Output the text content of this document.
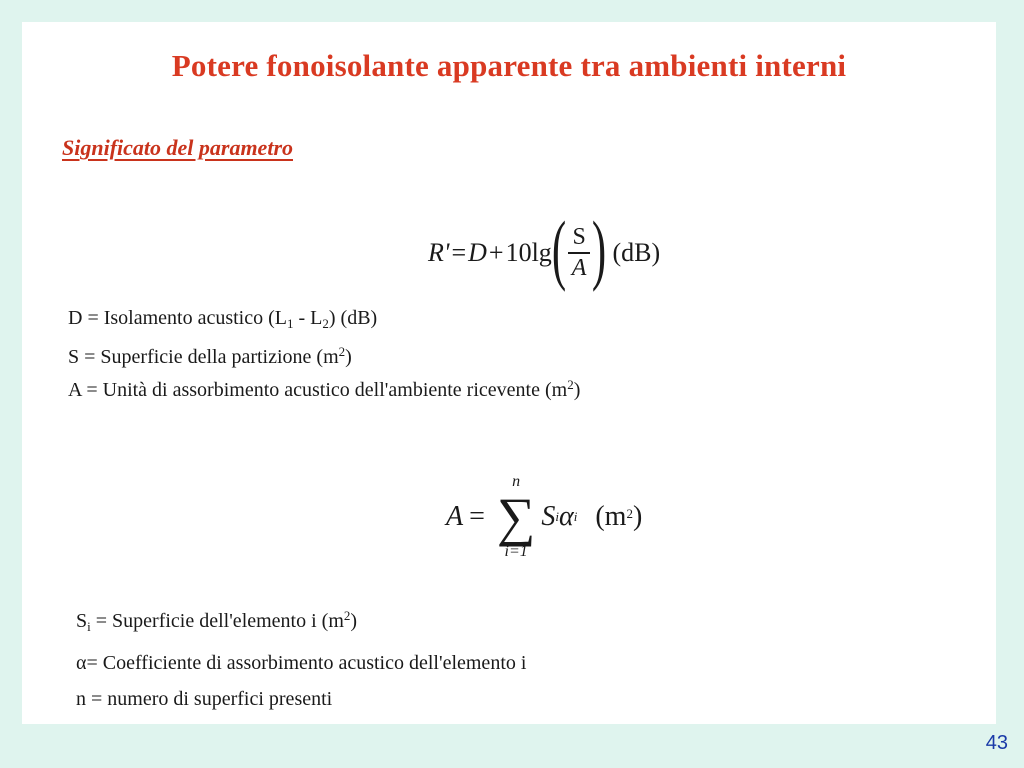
Potere fonoisolante apparente tra ambienti interni
Significato del parametro
R' = D + 10lg ( $\frac{S}{A}$ ) (dB)
D = Isolamento acustico $(L_1 - L_2)$ (dB)
S = Superficie della partizione $(m^2)$
A = Unità di assorbimento acustico dell'ambiente ricevente $(m^2)$
A =
n
∑
i=1
S i α i $(m^2)$
$S_i$ = Superficie dell'elemento i $(m^2)$
α= Coefficiente di assorbimento acustico dell'elemento i
n = numero di superfici presenti
43
